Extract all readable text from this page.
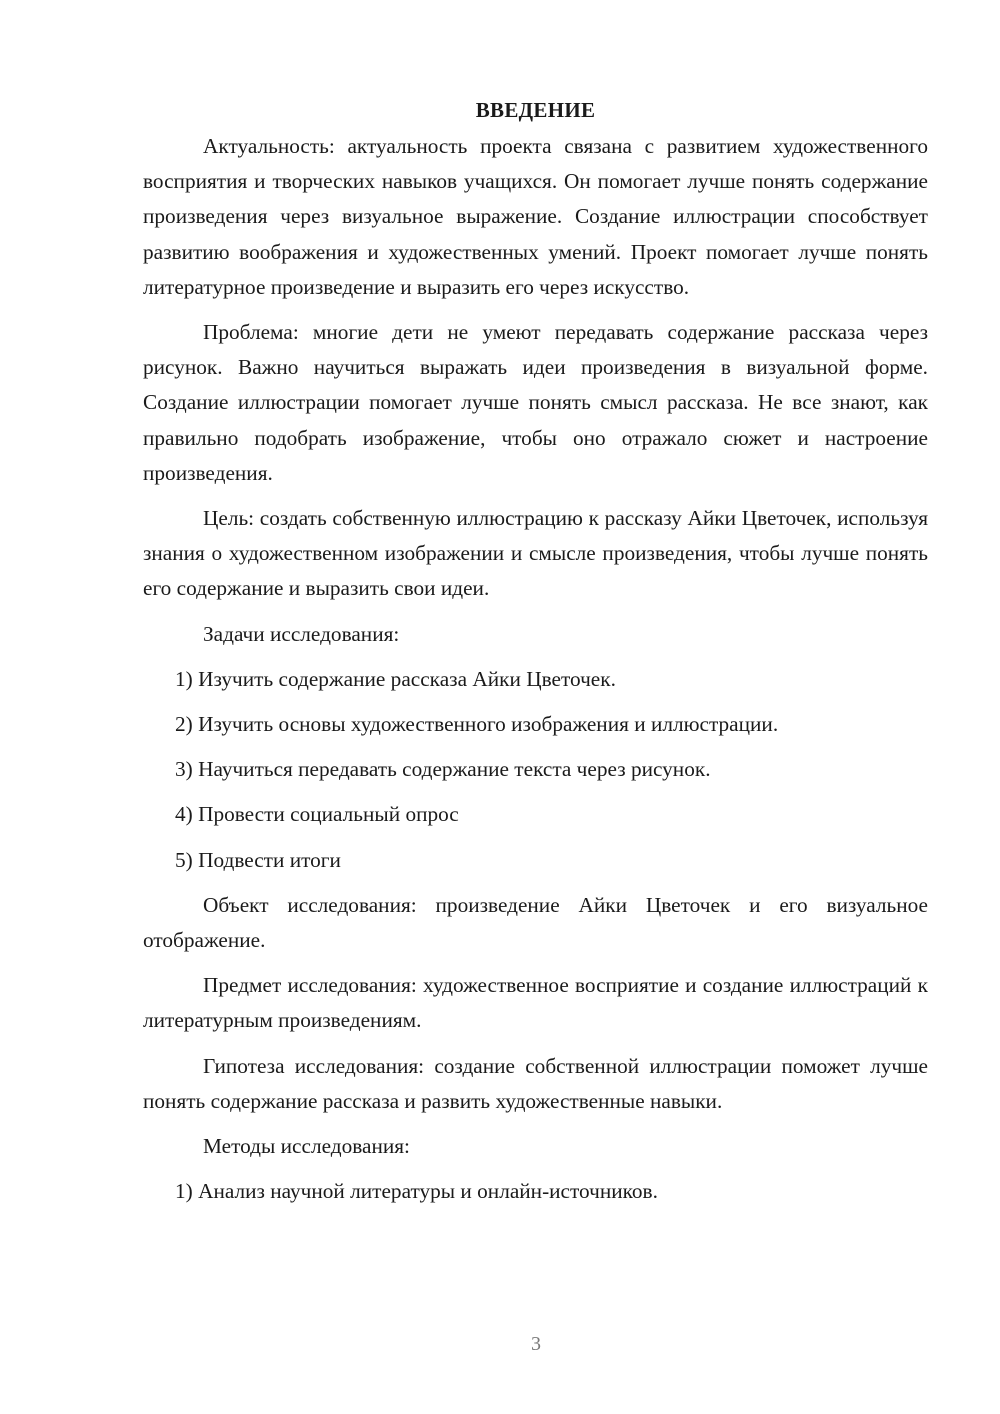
ВВЕДЕНИЕ

Актуальность: актуальность проекта связана с развитием художественного восприятия и творческих навыков учащихся. Он помогает лучше понять содержание произведения через визуальное выражение. Создание иллюстрации способствует развитию воображения и художественных умений. Проект помогает лучше понять литературное произведение и выразить его через искусство.

Проблема: многие дети не умеют передавать содержание рассказа через рисунок. Важно научиться выражать идеи произведения в визуальной форме. Создание иллюстрации помогает лучше понять смысл рассказа. Не все знают, как правильно подобрать изображение, чтобы оно отражало сюжет и настроение произведения.

Цель: создать собственную иллюстрацию к рассказу Айки Цветочек, используя знания о художественном изображении и смысле произведения, чтобы лучше понять его содержание и выразить свои идеи.

Задачи исследования:
1) Изучить содержание рассказа Айки Цветочек.
2) Изучить основы художественного изображения и иллюстрации.
3) Научиться передавать содержание текста через рисунок.
4) Провести социальный опрос
5) Подвести итоги

Объект исследования: произведение Айки Цветочек и его визуальное отображение.

Предмет исследования: художественное восприятие и создание иллюстраций к литературным произведениям.

Гипотеза исследования: создание собственной иллюстрации поможет лучше понять содержание рассказа и развить художественные навыки.

Методы исследования:
1) Анализ научной литературы и онлайн-источников.
3
